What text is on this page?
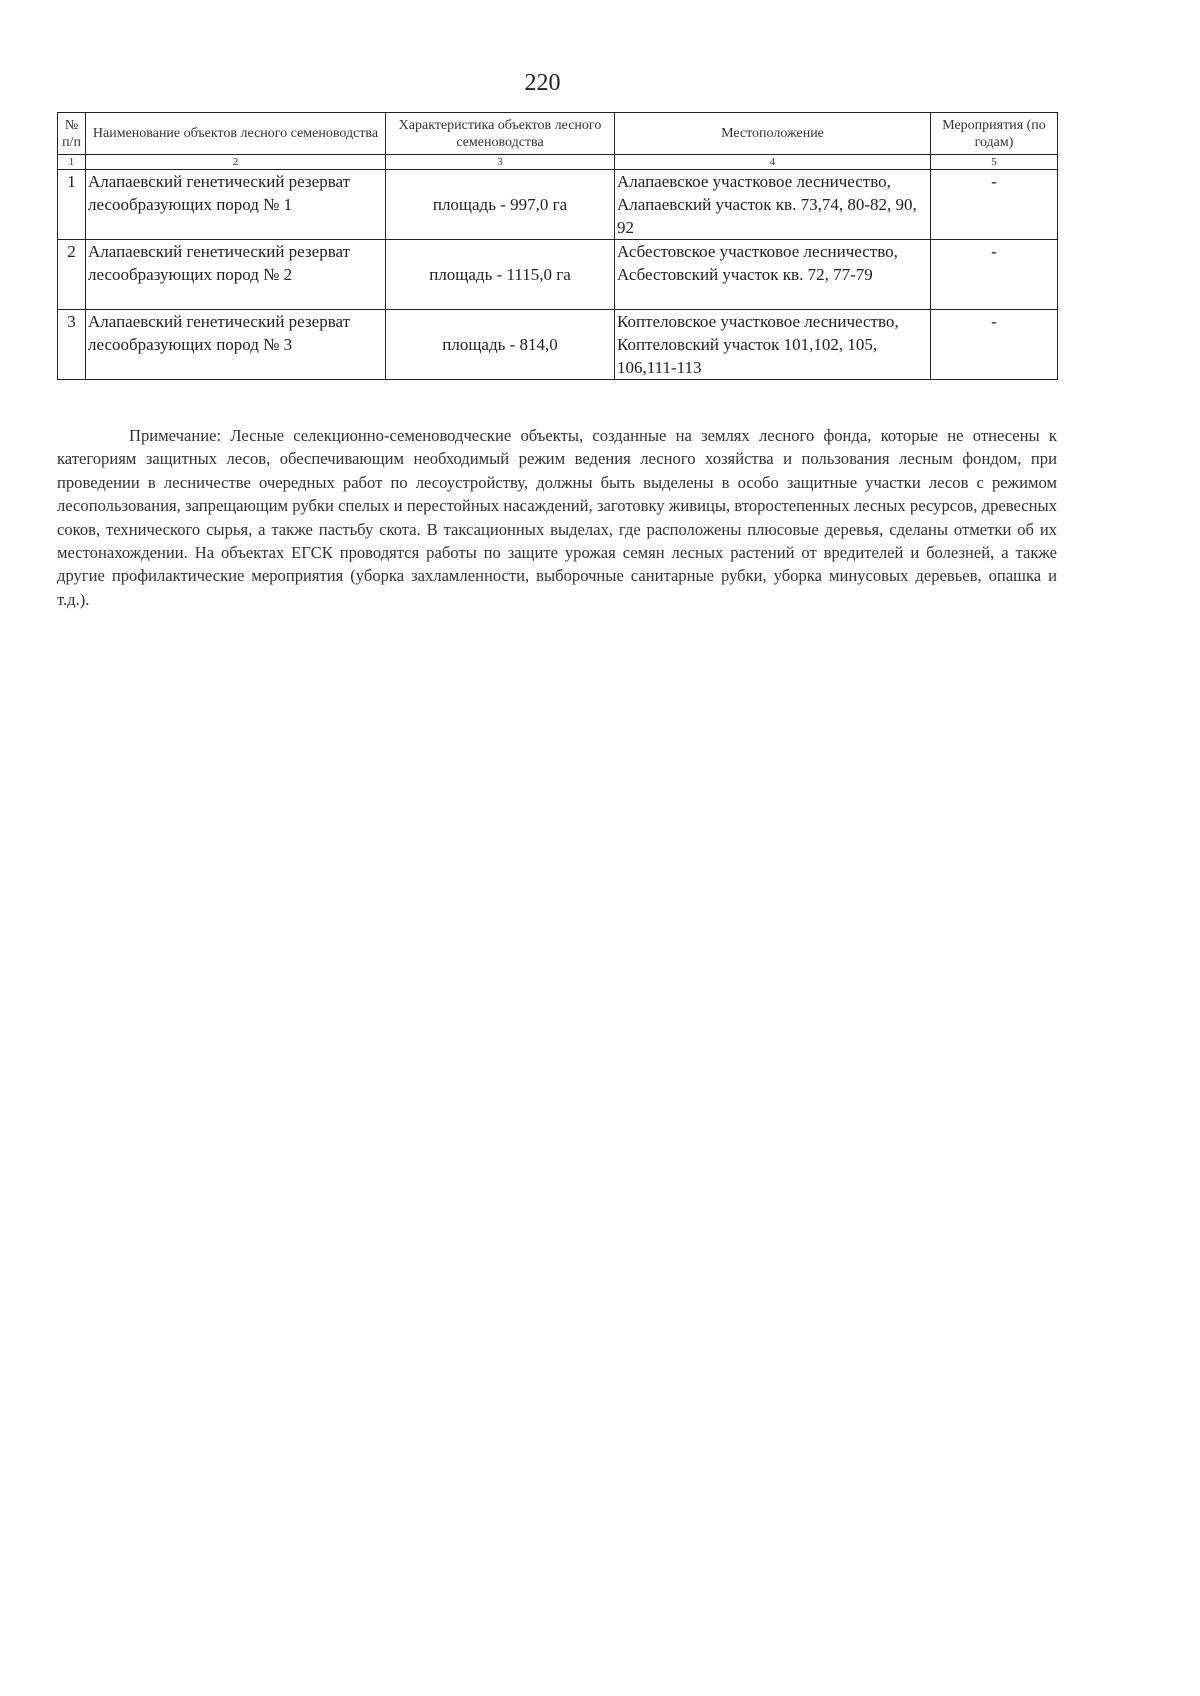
220
№ п/п	Наименование объектов лесного семеноводства	Характеристика объектов лесного семеноводства	Местоположение	Мероприятия (по годам)
1	2	3	4	5
1	Алапаевский генетический резерват лесообразующих пород № 1	площадь - 997,0 га	Алапаевское участковое лесничество, Алапаевский участок кв. 73,74, 80-82, 90, 92	-
2	Алапаевский генетический резерват лесообразующих пород № 2	площадь - 1115,0 га	Асбестовское участковое лесничество, Асбестовский участок кв. 72, 77-79	-
3	Алапаевский генетический резерват лесообразующих пород № 3	площадь - 814,0	Коптеловское участковое лесничество, Коптеловский участок 101,102, 105, 106,111-113	-

Примечание: Лесные селекционно-семеноводческие объекты, созданные на землях лесного фонда, которые не отнесены к категориям защитных лесов, обеспечивающим необходимый режим ведения лесного хозяйства и пользования лесным фондом, при проведении в лесничестве очередных работ по лесоустройству, должны быть выделены в особо защитные участки лесов с режимом лесопользования, запрещающим рубки спелых и перестойных насаждений, заготовку живицы, второстепенных лесных ресурсов, древесных соков, технического сырья, а также пастьбу скота. В таксационных выделах, где расположены плюсовые деревья, сделаны отметки об их местонахождении. На объектах ЕГСК проводятся работы по защите урожая семян лесных растений от вредителей и болезней, а также другие профилактические мероприятия (уборка захламленности, выборочные санитарные рубки, уборка минусовых деревьев, опашка и т.д.).
